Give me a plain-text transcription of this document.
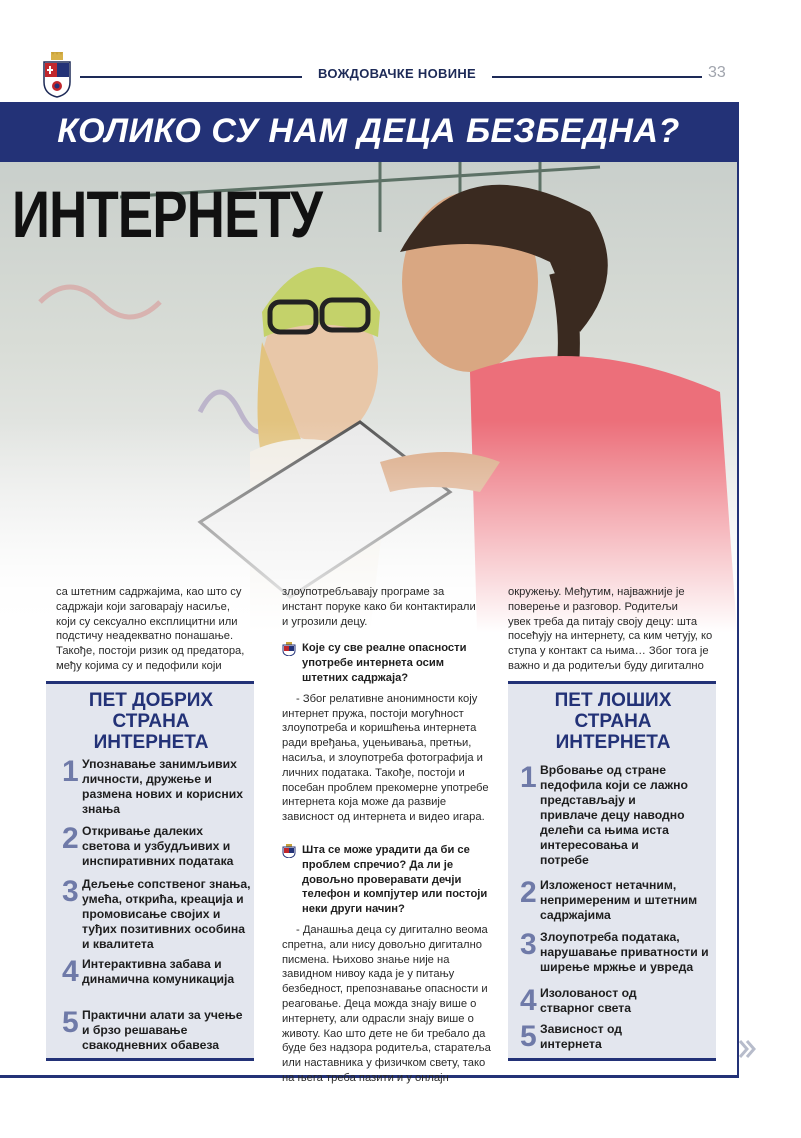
ВОЖДОВАЧКЕ НОВИНЕ	33
КОЛИКО СУ НАМ ДЕЦА БЕЗБЕДНА?
ИНТЕРНЕТУ

са штетним садржајима, као што су

садржаји који заговарају насиље,

који су сексуално експлицитни или

подстичу неадекватно понашање.

Такође, постоји ризик од предатора,

међу којима су и педофили који

злоупотребљавају програме за

инстант поруке како би контактирали

и угрозили децу.

Које су све реалне опасности употребе интернета осим штетних садржаја?

- Због релативне анонимности коју интернет пружа, постоји могућност злоупотреба и коришћења интернета ради вређања, уцењивања, претњи, насиља, и злоупотреба фотографија и личних података. Такође, постоји и посебан проблем прекомерне употребе интернета која може да развије зависност од интернета и видео игара.

Шта се може урадити да би се проблем спречио? Да ли је довољно проверавати дечји телефон и компјутер или постоји неки други начин?

- Данашња деца су дигитално веома спретна, али нису довољно дигитално писмена. Њихово знање није на завидном нивоу када је у питању безбедност, препознавање опасности и реаговање. Деца можда знају више о интернету, али одрасли знају више о животу. Као што дете не би требало да буде без надзора родитеља, старатеља или наставника у физичком свету, тако на њега треба пазити и у онлајн

окружењу. Међутим, најважније је

поверење и разговор. Родитељи

увек треба да питају своју децу: шта

посећују на интернету, са ким четују, ко

ступа у контакт са њима… Због тога је

важно и да родитељи буду дигитално

ПЕТ ДОБРИХ СТРАНА ИНТЕРНЕТА
1 Упознавање занимљивих личности, дружење и размена нових и корисних знања
2 Откривање далеких светова и узбудљивих и инспиративних података
3 Дељење сопственог знања, умећа, открића, креација и промовисање својих и туђих позитивних особина и квалитета
4 Интерактивна забава и динамична комуникација
5 Практични алати за учење и брзо решавање свакодневних обавеза
ПЕТ ЛОШИХ СТРАНА ИНТЕРНЕТА
1 Врбовање од стране педофила који се лажно представљају и привлаче децу наводно делећи са њима иста интересовања и потребе
2 Изложеност нетачним, непримереним и штетним садржајима
3 Злоупотреба података, нарушавање приватности и ширење мржње и увреда
4 Изолованост од стварног света
5 Зависност од интернета
